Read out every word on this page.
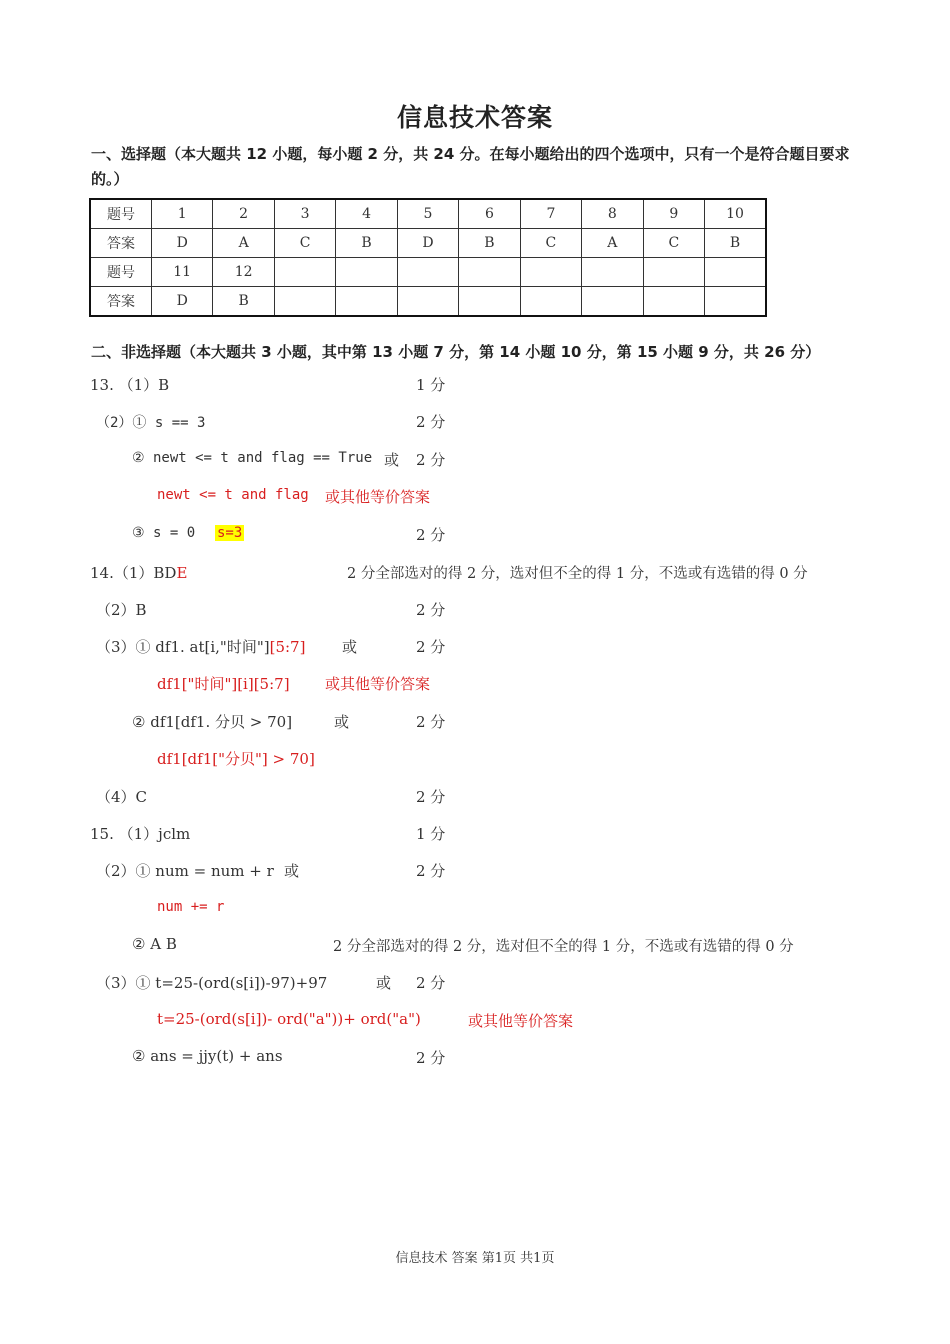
信息技术答案
一、选择题（本大题共 12 小题，每小题 2 分，共 24 分。在每小题给出的四个选项中，只有一个是符合题目要求的。）
题号	1	2	3	4	5	6	7	8	9	10
答案	D	A	C	B	D	B	C	A	C	B
题号	11	12								
答案	D	B								
二、非选择题（本大题共 3 小题，其中第 13 小题 7 分，第 14 小题 10 分，第 15 小题 9 分，共 26 分）
13. （1）B	1 分
（2）① s == 3	2 分
② newt <= t and flag == True 或 2 分
newt <= t and flag 或其他等价答案
③ s = 0 s=3	2 分
14.（1）BDE	2 分全部选对的得 2 分，选对但不全的得 1 分，不选或有选错的得 0 分
（2）B	2 分
（3）① df1. at[i,"时间"][5:7] 或	2 分
df1["时间"][i][5:7] 或其他等价答案
② df1[df1. 分贝 > 70]	或	2 分
df1[df1["分贝"] > 70]
（4）C	2 分
15. （1）jclm	1 分
（2）① num = num + r 或	2 分
num += r
② A B	2 分全部选对的得 2 分，选对但不全的得 1 分，不选或有选错的得 0 分
（3）① t=25-(ord(s[i])-97)+97	或 2 分
t=25-(ord(s[i])- ord("a"))+ ord("a")	或其他等价答案
② ans = jjy(t) + ans	2 分
信息技术 答案 第1页 共1页
